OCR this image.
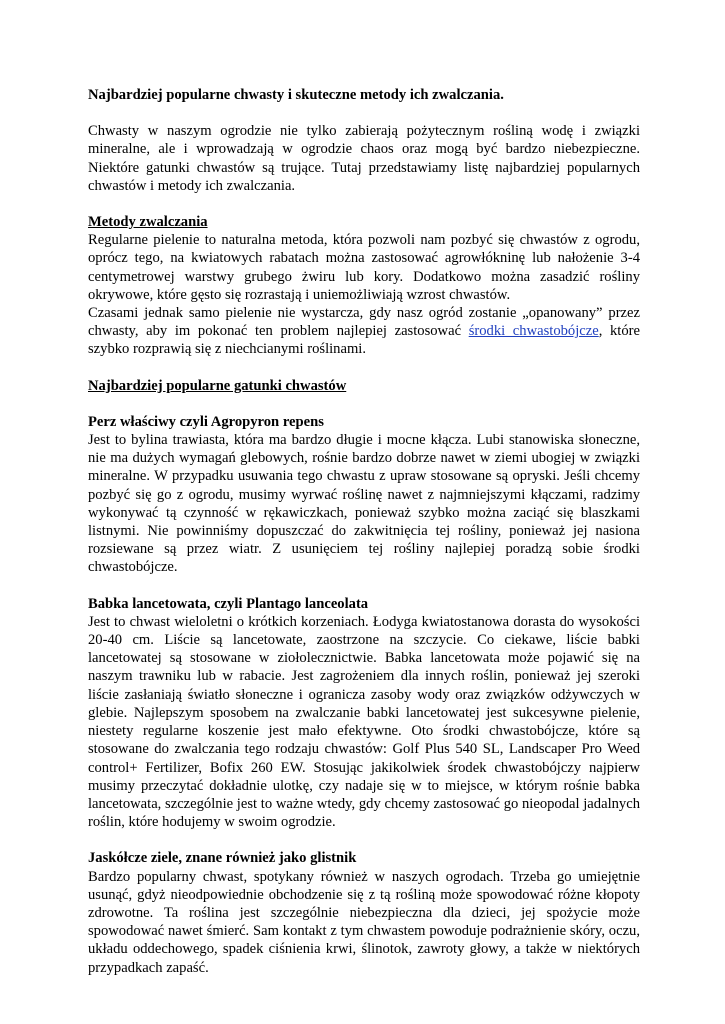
Najbardziej popularne chwasty i skuteczne metody ich zwalczania.

Chwasty w naszym ogrodzie nie tylko zabierają pożytecznym rośliną wodę i związki mineralne, ale i wprowadzają w ogrodzie chaos oraz mogą być bardzo niebezpieczne. Niektóre gatunki chwastów są trujące. Tutaj przedstawiamy listę najbardziej popularnych chwastów i metody ich zwalczania.

Metody zwalczania

Regularne pielenie to naturalna metoda, która pozwoli nam pozbyć się chwastów z ogrodu, oprócz tego, na kwiatowych rabatach można zastosować agrowłókninę lub nałożenie 3-4 centymetrowej warstwy grubego żwiru lub kory. Dodatkowo można zasadzić rośliny okrywowe, które gęsto się rozrastają i uniemożliwiają wzrost chwastów.

Czasami jednak samo pielenie nie wystarcza, gdy nasz ogród zostanie „opanowany” przez chwasty, aby im pokonać ten problem najlepiej zastosować środki chwastobójcze, które szybko rozprawią się z niechcianymi roślinami.

Najbardziej popularne gatunki chwastów

Perz właściwy czyli Agropyron repens

Jest to bylina trawiasta, która ma bardzo długie i mocne kłącza. Lubi stanowiska słoneczne, nie ma dużych wymagań glebowych, rośnie bardzo dobrze nawet w ziemi ubogiej w związki mineralne. W przypadku usuwania tego chwastu z upraw stosowane są opryski. Jeśli chcemy pozbyć się go z ogrodu, musimy wyrwać roślinę nawet z najmniejszymi kłączami, radzimy wykonywać tą czynność w rękawiczkach, ponieważ szybko można zaciąć się blaszkami listnymi. Nie powinniśmy dopuszczać do zakwitnięcia tej rośliny, ponieważ jej nasiona rozsiewane są przez wiatr. Z usunięciem tej rośliny najlepiej poradzą sobie środki chwastobójcze.

Babka lancetowata, czyli Plantago lanceolata

Jest to chwast wieloletni o krótkich korzeniach. Łodyga kwiatostanowa dorasta do wysokości 20-40 cm. Liście są lancetowate, zaostrzone na szczycie. Co ciekawe, liście babki lancetowatej są stosowane w ziołolecznictwie. Babka lancetowata może pojawić się na naszym trawniku lub w rabacie. Jest zagrożeniem dla innych roślin, ponieważ jej szeroki liście zasłaniają światło słoneczne i ogranicza zasoby wody oraz związków odżywczych w glebie. Najlepszym sposobem na zwalczanie babki lancetowatej jest sukcesywne pielenie, niestety regularne koszenie jest mało efektywne. Oto środki chwastobójcze, które są stosowane do zwalczania tego rodzaju chwastów: Golf Plus 540 SL, Landscaper Pro Weed control+ Fertilizer, Bofix 260 EW. Stosując jakikolwiek środek chwastobójczy najpierw musimy przeczytać dokładnie ulotkę, czy nadaje się w to miejsce, w którym rośnie babka lancetowata, szczególnie jest to ważne wtedy, gdy chcemy zastosować go nieopodal jadalnych roślin, które hodujemy w swoim ogrodzie.

Jaskółcze ziele, znane również jako glistnik

Bardzo popularny chwast, spotykany również w naszych ogrodach. Trzeba go umiejętnie usunąć, gdyż nieodpowiednie obchodzenie się z tą rośliną może spowodować różne kłopoty zdrowotne. Ta roślina jest szczególnie niebezpieczna dla dzieci, jej spożycie może spowodować nawet śmierć. Sam kontakt z tym chwastem powoduje podrażnienie skóry, oczu, układu oddechowego, spadek ciśnienia krwi, ślinotok, zawroty głowy, a także w niektórych przypadkach zapaść.
